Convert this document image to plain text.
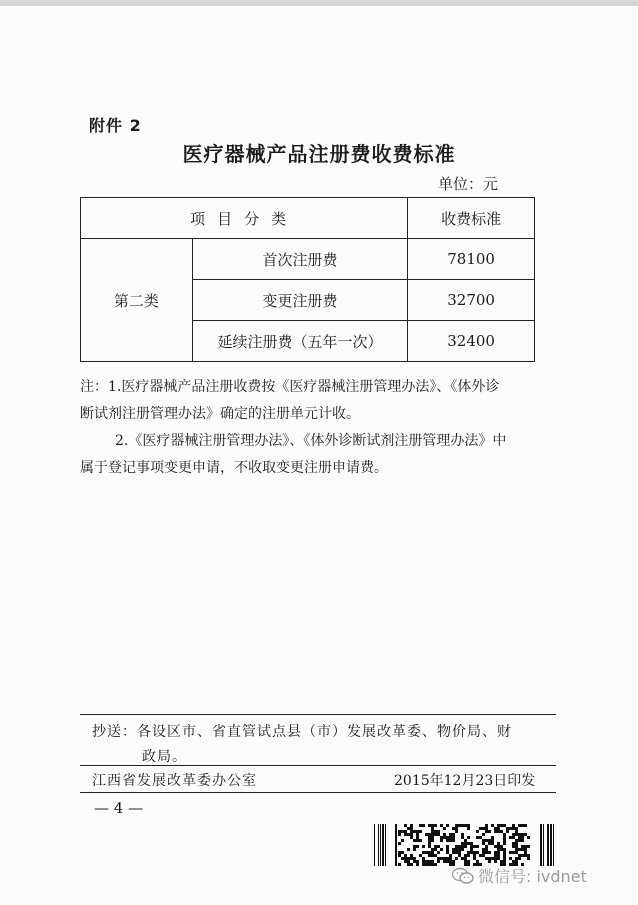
附件 2
医疗器械产品注册费收费标准
单位：元
项目分类		收费标准
第二类	首次注册费	78100
	变更注册费	32700
	延续注册费（五年一次）	32400

注：1.医疗器械产品注册收费按《医疗器械注册管理办法》、《体外诊

断试剂注册管理办法》确定的注册单元计收。

2.《医疗器械注册管理办法》、《体外诊断试剂注册管理办法》中

属于登记事项变更申请，不收取变更注册申请费。

抄送：各设区市、省直管试点县（市）发展改革委、物价局、财
政局。
江西省发展改革委办公室	2015年12月23日印发
— 4 —
微信号: ivdnet
